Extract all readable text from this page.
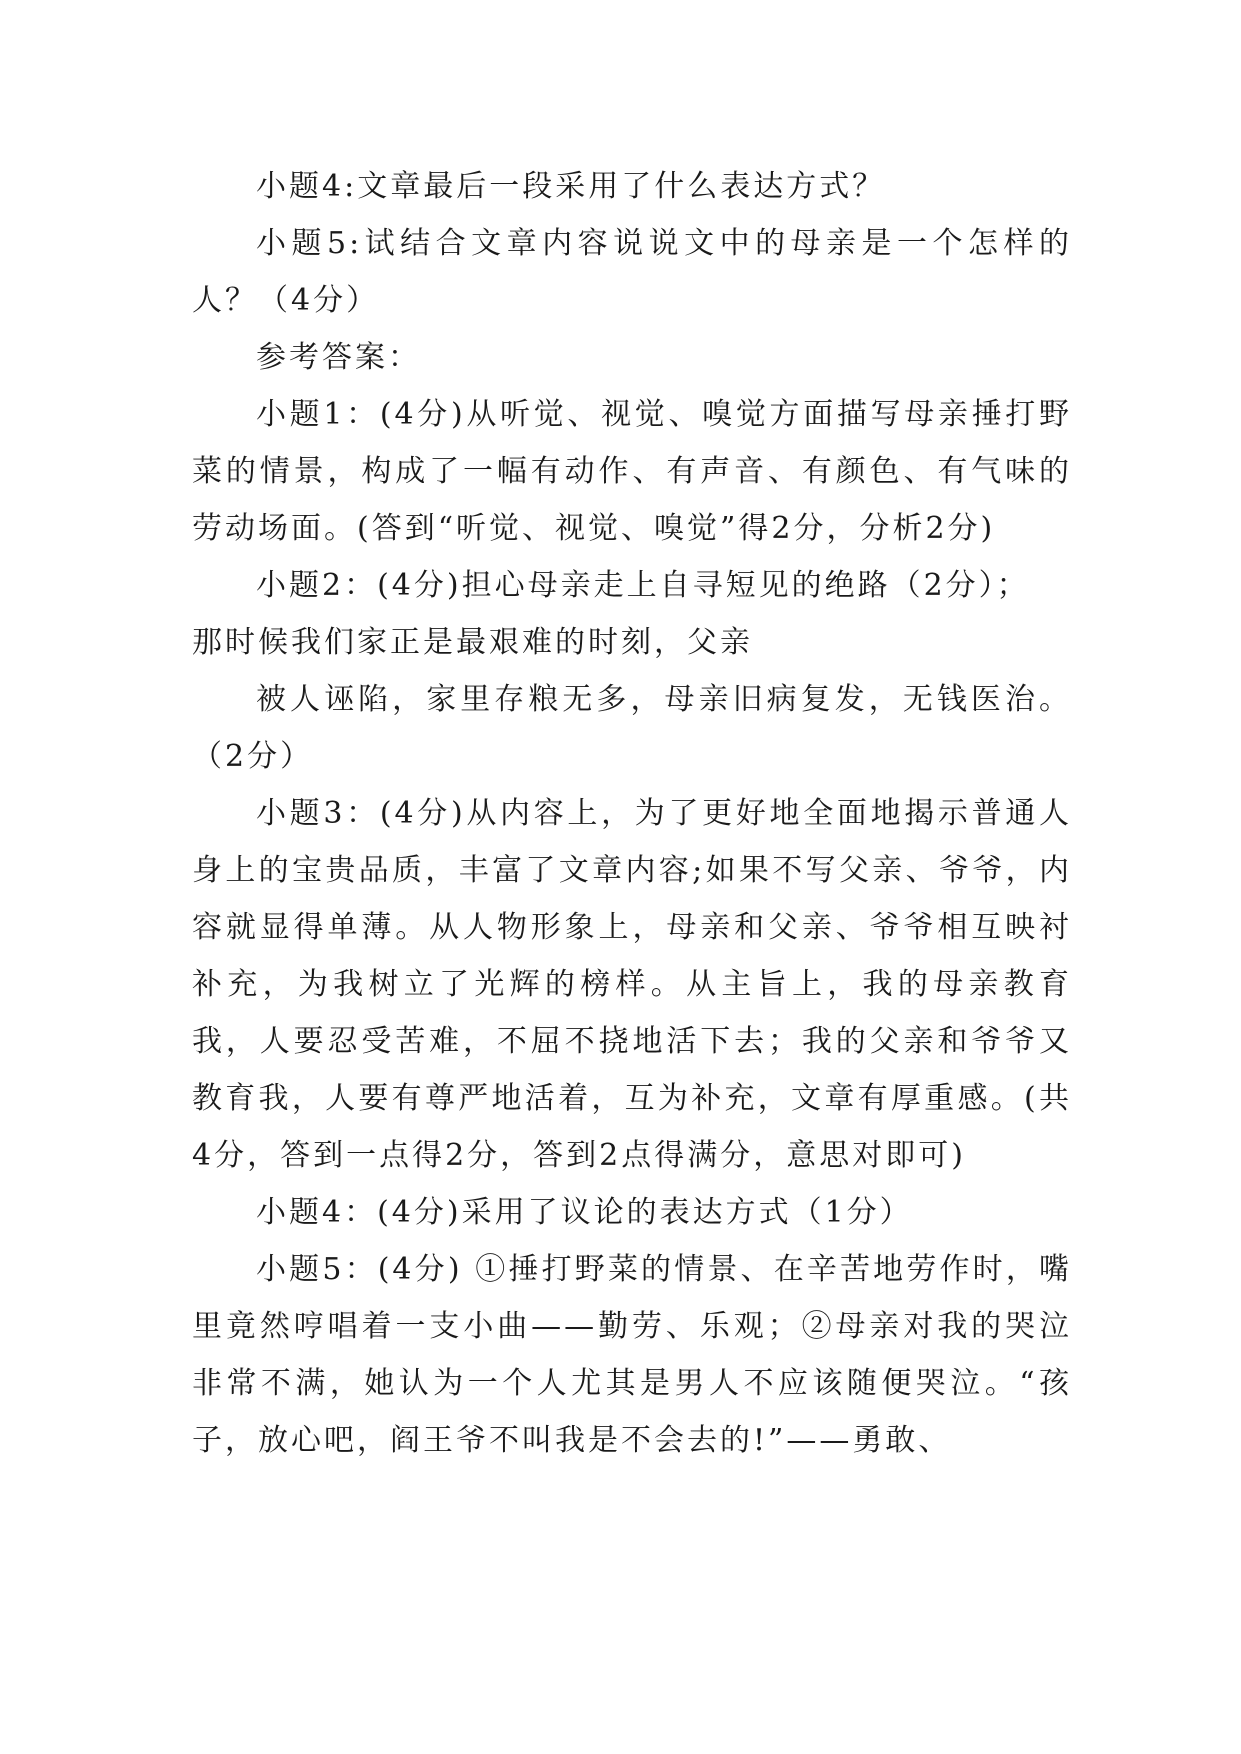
小题4:文章最后一段采用了什么表达方式？

小题5:试结合文章内容说说文中的母亲是一个怎样的人？（4分）

参考答案：

小题1：(4分)从听觉、视觉、嗅觉方面描写母亲捶打野菜的情景，构成了一幅有动作、有声音、有颜色、有气味的劳动场面。(答到“听觉、视觉、嗅觉”得2分，分析2分)

小题2：(4分)担心母亲走上自寻短见的绝路（2分）；

那时候我们家正是最艰难的时刻，父亲

被人诬陷，家里存粮无多，母亲旧病复发，无钱医治。（2分）

小题3：(4分)从内容上，为了更好地全面地揭示普通人身上的宝贵品质，丰富了文章内容;如果不写父亲、爷爷，内容就显得单薄。从人物形象上，母亲和父亲、爷爷相互映衬补充，为我树立了光辉的榜样。从主旨上，我的母亲教育我，人要忍受苦难，不屈不挠地活下去；我的父亲和爷爷又教育我，人要有尊严地活着，互为补充，文章有厚重感。(共4分，答到一点得2分，答到2点得满分，意思对即可)

小题4：(4分)采用了议论的表达方式（1分）

小题5：(4分) ①捶打野菜的情景、在辛苦地劳作时，嘴里竟然哼唱着一支小曲——勤劳、乐观；②母亲对我的哭泣非常不满，她认为一个人尤其是男人不应该随便哭泣。“孩子，放心吧，阎王爷不叫我是不会去的!”——勇敢、
